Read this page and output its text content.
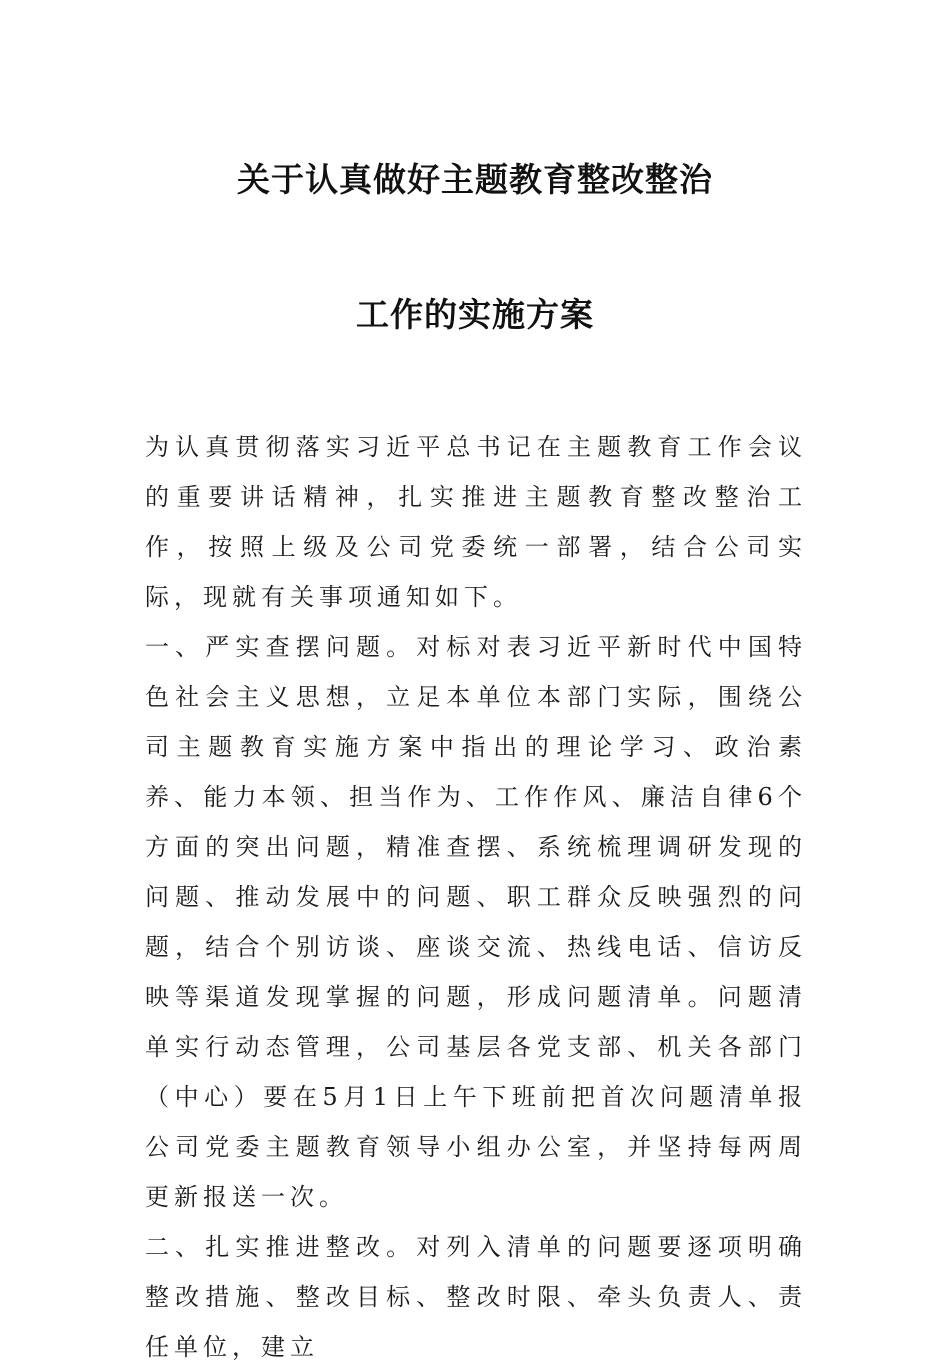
关于认真做好主题教育整改整治
工作的实施方案

为认真贯彻落实习近平总书记在主题教育工作会议的重要讲话精神，扎实推进主题教育整改整治工作，按照上级及公司党委统一部署，结合公司实际，现就有关事项通知如下。

一、严实查摆问题。对标对表习近平新时代中国特色社会主义思想，立足本单位本部门实际，围绕公司主题教育实施方案中指出的理论学习、政治素养、能力本领、担当作为、工作作风、廉洁自律6个方面的突出问题，精准查摆、系统梳理调研发现的问题、推动发展中的问题、职工群众反映强烈的问题，结合个别访谈、座谈交流、热线电话、信访反映等渠道发现掌握的问题，形成问题清单。问题清单实行动态管理，公司基层各党支部、机关各部门（中心）要在5月1日上午下班前把首次问题清单报公司党委主题教育领导小组办公室，并坚持每两周更新报送一次。

二、扎实推进整改。对列入清单的问题要逐项明确整改措施、整改目标、整改时限、牵头负责人、责任单位，建立
